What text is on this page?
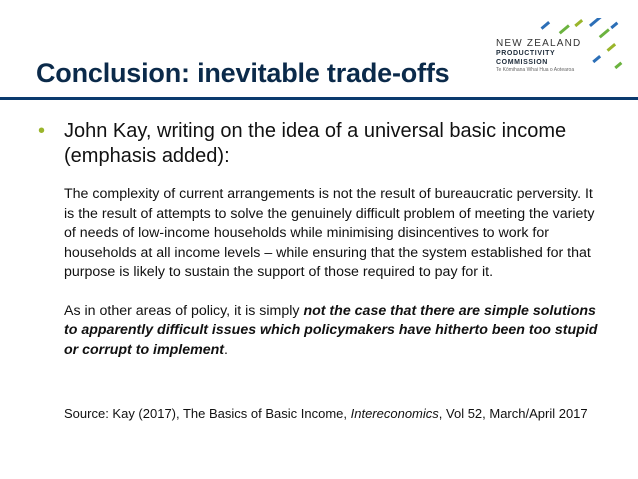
NEW ZEALAND
PRODUCTIVITY COMMISSION
Te Kōmihana Whai Hua o Aotearoa
Conclusion: inevitable trade-offs
• John Kay, writing on the idea of a universal basic income (emphasis added):

The complexity of current arrangements is not the result of bureaucratic perversity. It is the result of attempts to solve the genuinely difficult problem of meeting the variety of needs of low-income households while minimising disincentives to work for households at all income levels – while ensuring that the system established for that purpose is likely to sustain the support of those required to pay for it.

As in other areas of policy, it is simply not the case that there are simple solutions to apparently difficult issues which policymakers have hitherto been too stupid or corrupt to implement.

Source: Kay (2017), The Basics of Basic Income, Intereconomics, Vol 52, March/April 2017
